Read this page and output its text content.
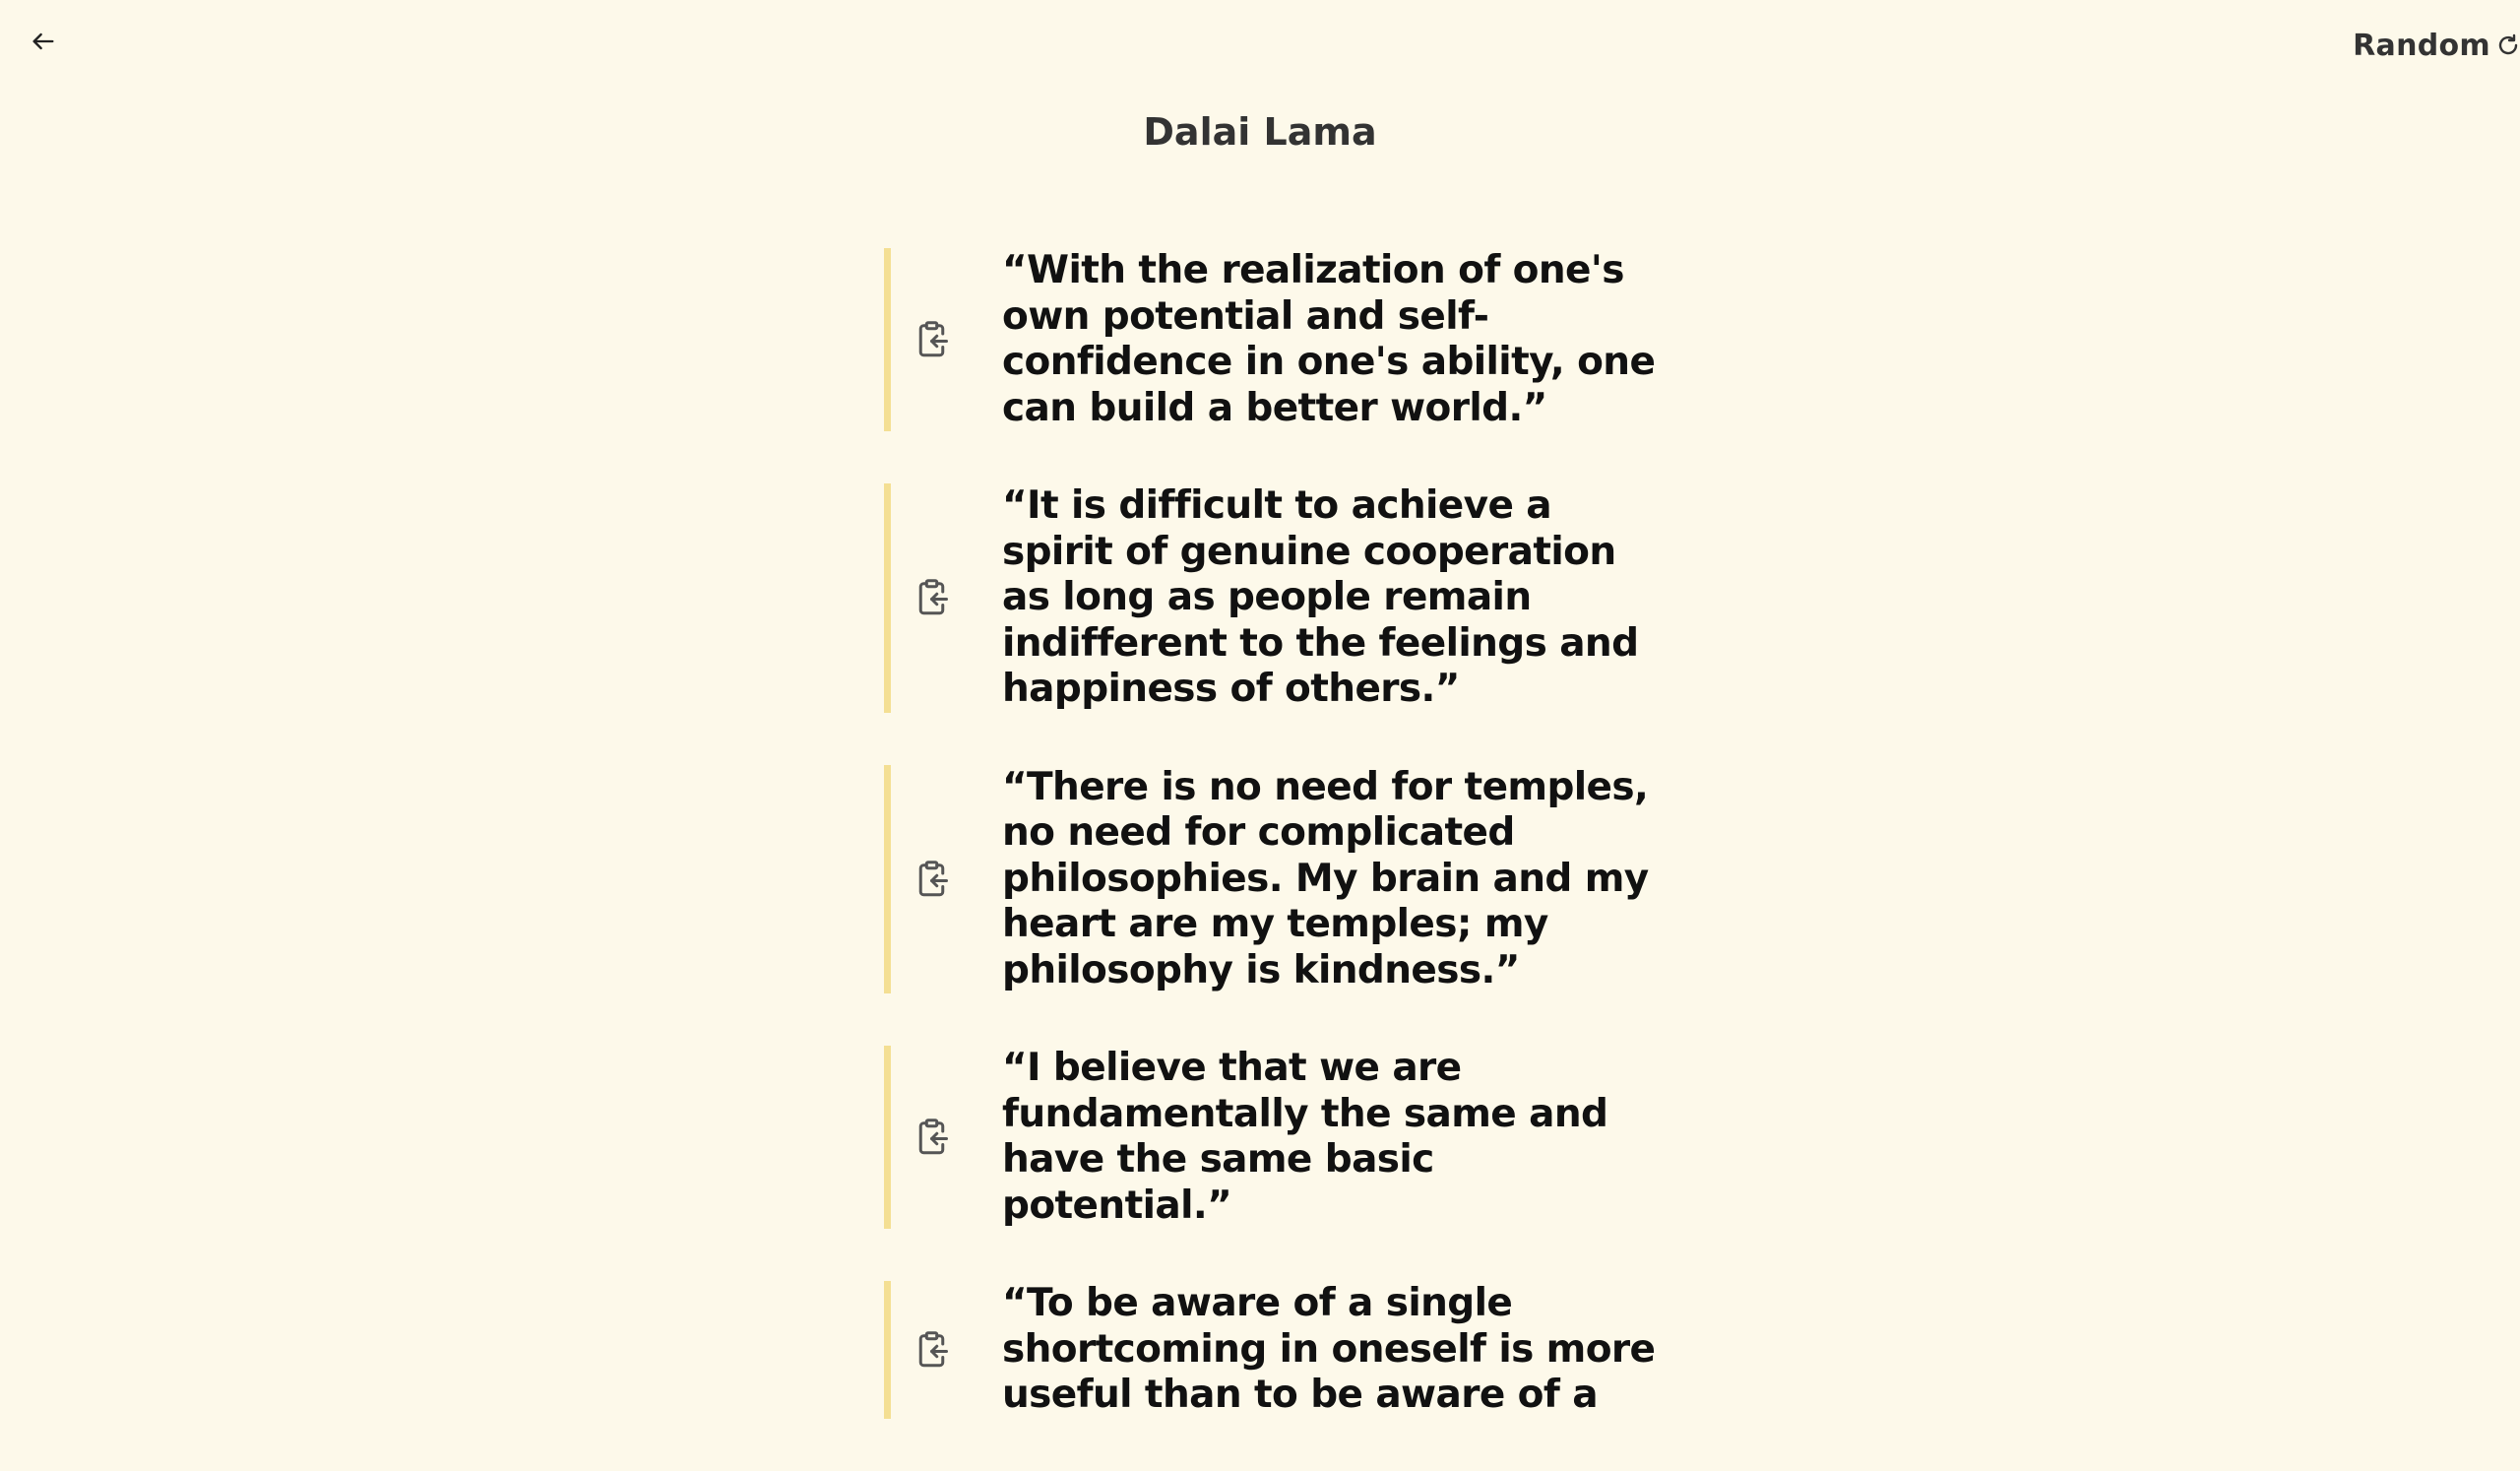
Random
Dalai Lama

“With the realization of one's own potential and self-confidence in one's ability, one can build a better world.”

“It is difficult to achieve a spirit of genuine cooperation as long as people remain indifferent to the feelings and happiness of others.”

“There is no need for temples, no need for complicated philosophies. My brain and my heart are my temples; my philosophy is kindness.”

“I believe that we are fundamentally the same and have the same basic potential.”

“To be aware of a single shortcoming in oneself is more useful than to be aware of a
